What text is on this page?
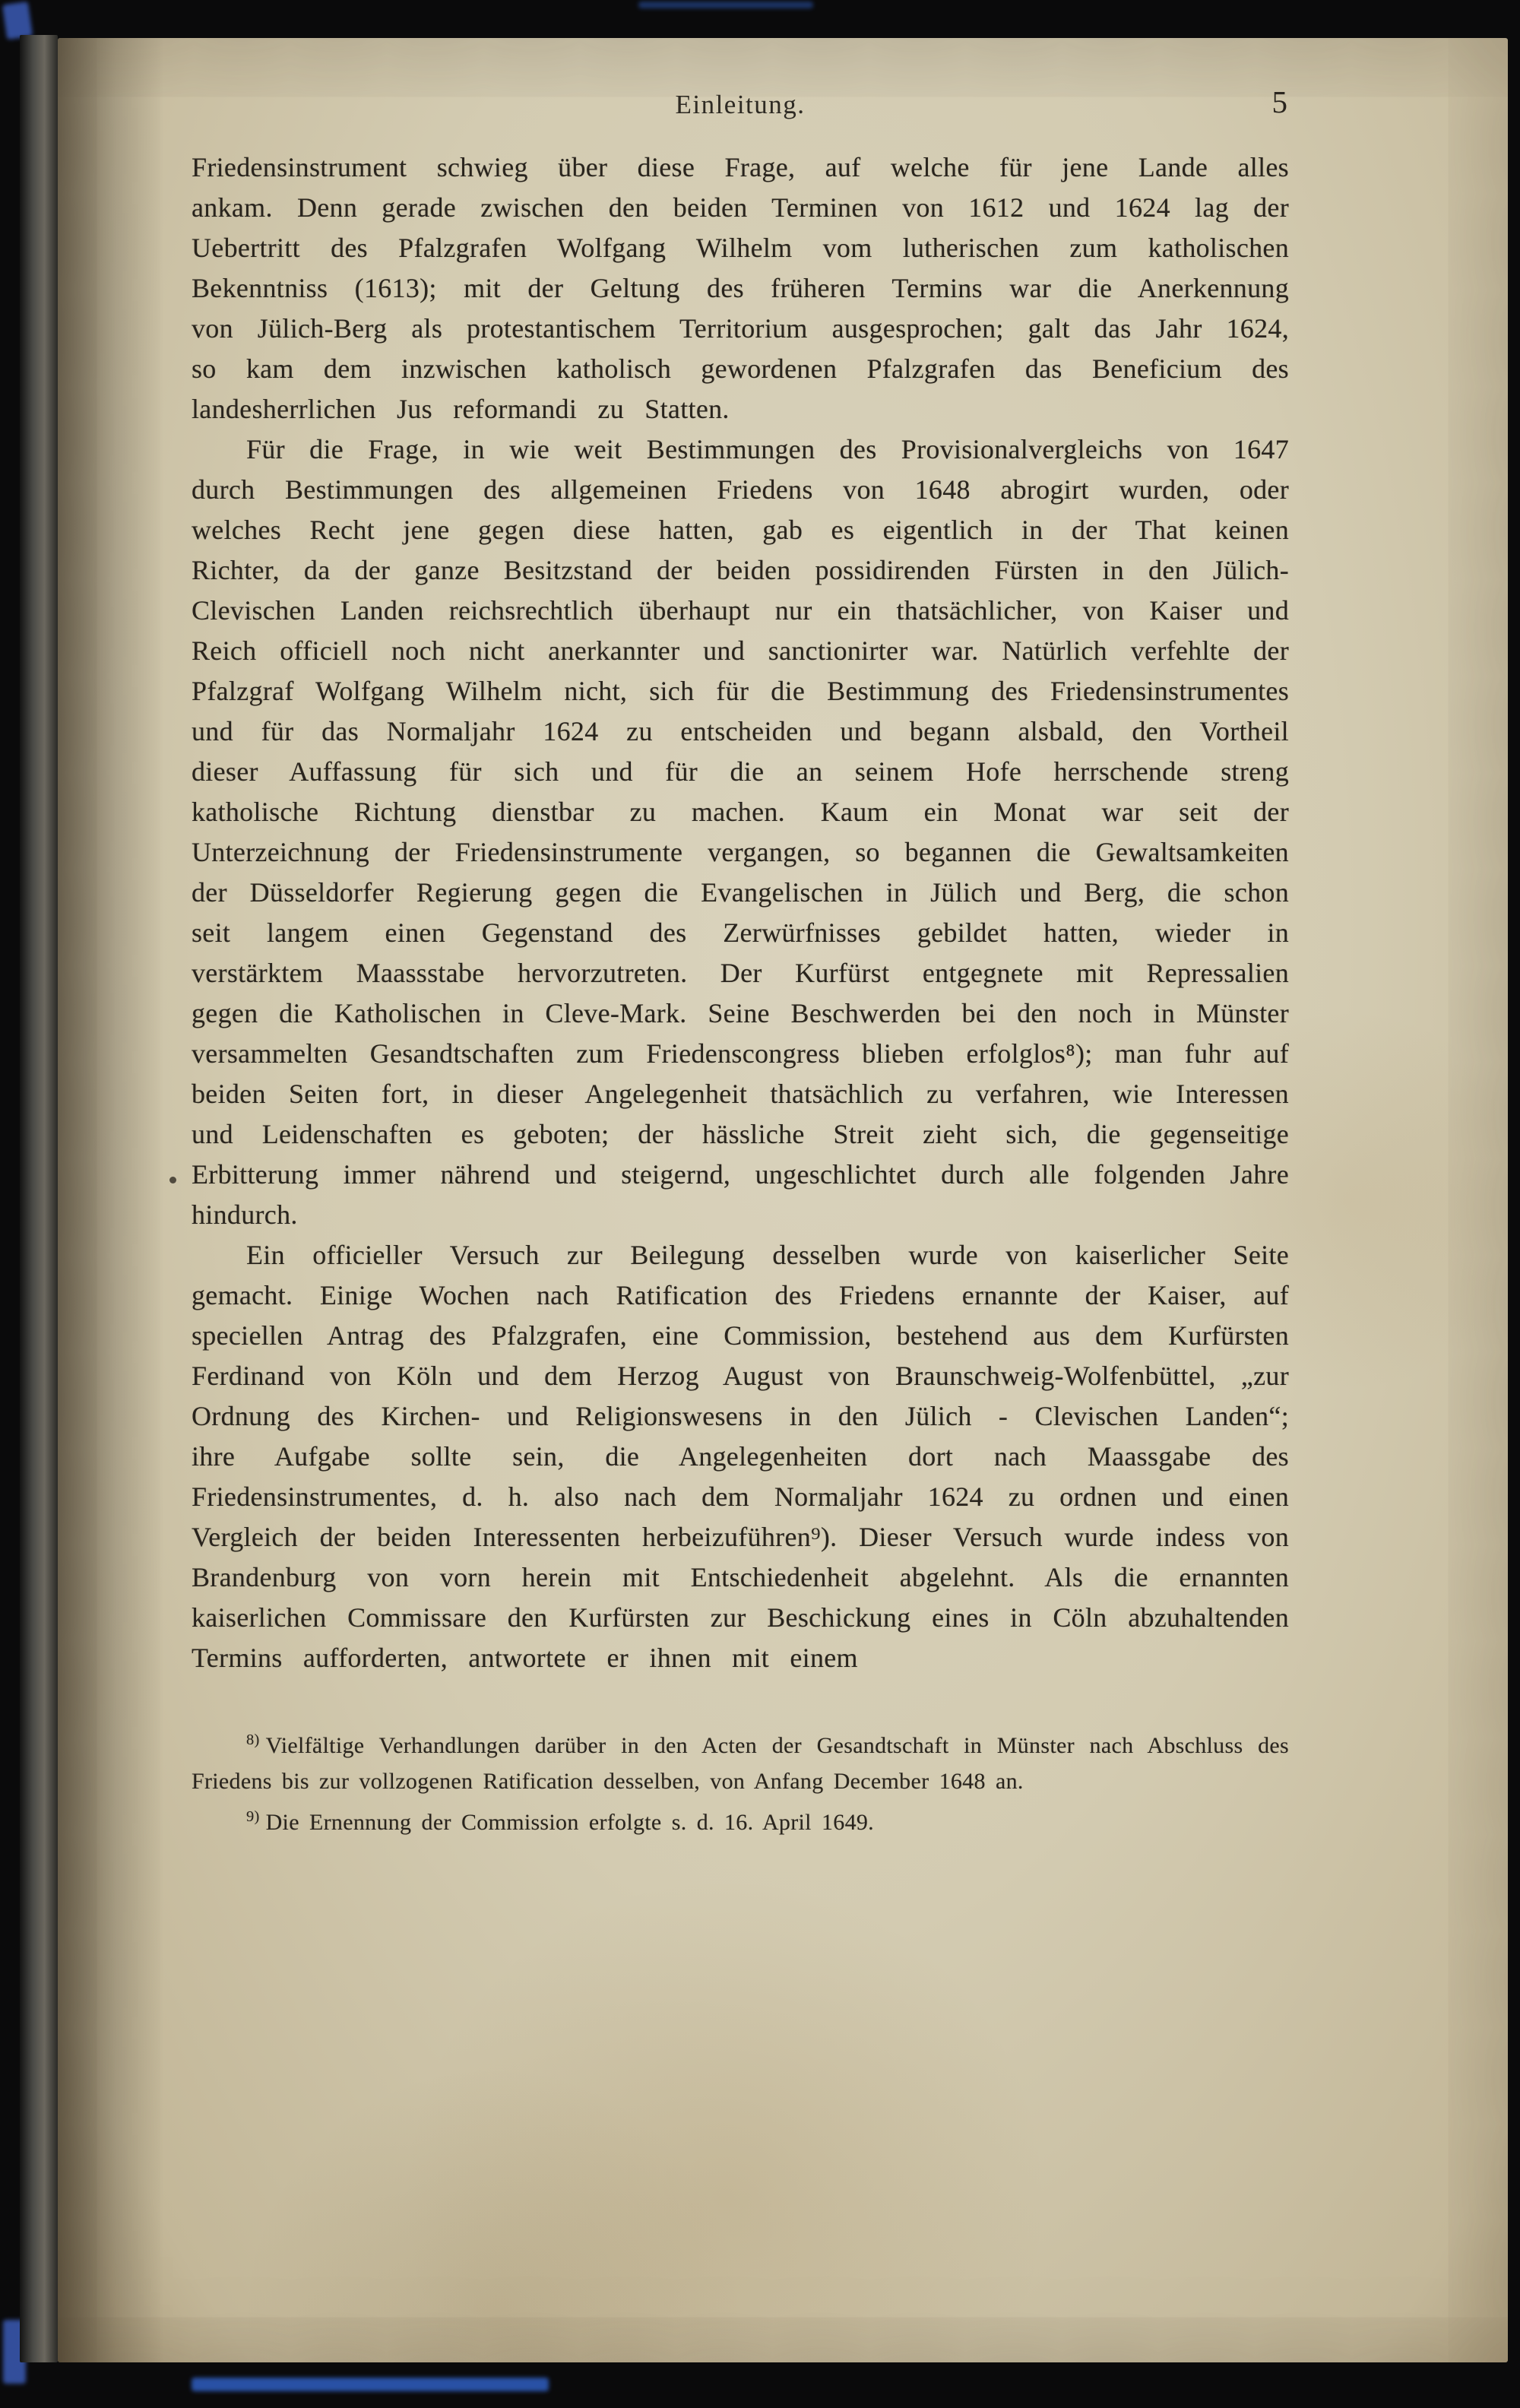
Einleitung.	5

Friedensinstrument schwieg über diese Frage, auf welche für jene Lande alles ankam. Denn gerade zwischen den beiden Terminen von 1612 und 1624 lag der Uebertritt des Pfalzgrafen Wolfgang Wilhelm vom lutherischen zum katholischen Bekenntniss (1613); mit der Geltung des früheren Termins war die Anerkennung von Jülich-Berg als protestantischem Territorium ausgesprochen; galt das Jahr 1624, so kam dem inzwischen katholisch gewordenen Pfalzgrafen das Beneficium des landesherrlichen Jus reformandi zu Statten.

Für die Frage, in wie weit Bestimmungen des Provisionalvergleichs von 1647 durch Bestimmungen des allgemeinen Friedens von 1648 abrogirt wurden, oder welches Recht jene gegen diese hatten, gab es eigentlich in der That keinen Richter, da der ganze Besitzstand der beiden possidirenden Fürsten in den Jülich-Clevischen Landen reichsrechtlich überhaupt nur ein thatsächlicher, von Kaiser und Reich officiell noch nicht anerkannter und sanctionirter war. Natürlich verfehlte der Pfalzgraf Wolfgang Wilhelm nicht, sich für die Bestimmung des Friedensinstrumentes und für das Normaljahr 1624 zu entscheiden und begann alsbald, den Vortheil dieser Auffassung für sich und für die an seinem Hofe herrschende streng katholische Richtung dienstbar zu machen. Kaum ein Monat war seit der Unterzeichnung der Friedensinstrumente vergangen, so begannen die Gewaltsamkeiten der Düsseldorfer Regierung gegen die Evangelischen in Jülich und Berg, die schon seit langem einen Gegenstand des Zerwürfnisses gebildet hatten, wieder in verstärktem Maassstabe hervorzutreten. Der Kurfürst entgegnete mit Repressalien gegen die Katholischen in Cleve-Mark. Seine Beschwerden bei den noch in Münster versammelten Gesandtschaften zum Friedenscongress blieben erfolglos⁸); man fuhr auf beiden Seiten fort, in dieser Angelegenheit thatsächlich zu verfahren, wie Interessen und Leidenschaften es geboten; der hässliche Streit zieht sich, die gegenseitige Erbitterung immer nährend und steigernd, ungeschlichtet durch alle folgenden Jahre hindurch.

Ein officieller Versuch zur Beilegung desselben wurde von kaiserlicher Seite gemacht. Einige Wochen nach Ratification des Friedens ernannte der Kaiser, auf speciellen Antrag des Pfalzgrafen, eine Commission, bestehend aus dem Kurfürsten Ferdinand von Köln und dem Herzog August von Braunschweig-Wolfenbüttel, „zur Ordnung des Kirchen- und Religionswesens in den Jülich - Clevischen Landen“; ihre Aufgabe sollte sein, die Angelegenheiten dort nach Maassgabe des Friedensinstrumentes, d. h. also nach dem Normaljahr 1624 zu ordnen und einen Vergleich der beiden Interessenten herbeizuführen⁹). Dieser Versuch wurde indess von Brandenburg von vorn herein mit Entschiedenheit abgelehnt. Als die ernannten kaiserlichen Commissare den Kurfürsten zur Beschickung eines in Cöln abzuhaltenden Termins aufforderten, antwortete er ihnen mit einem

$^{8)}$ Vielfältige Verhandlungen darüber in den Acten der Gesandtschaft in Münster nach Abschluss des Friedens bis zur vollzogenen Ratification desselben, von Anfang December 1648 an.
$^{9)}$ Die Ernennung der Commission erfolgte s. d. 16. April 1649.
